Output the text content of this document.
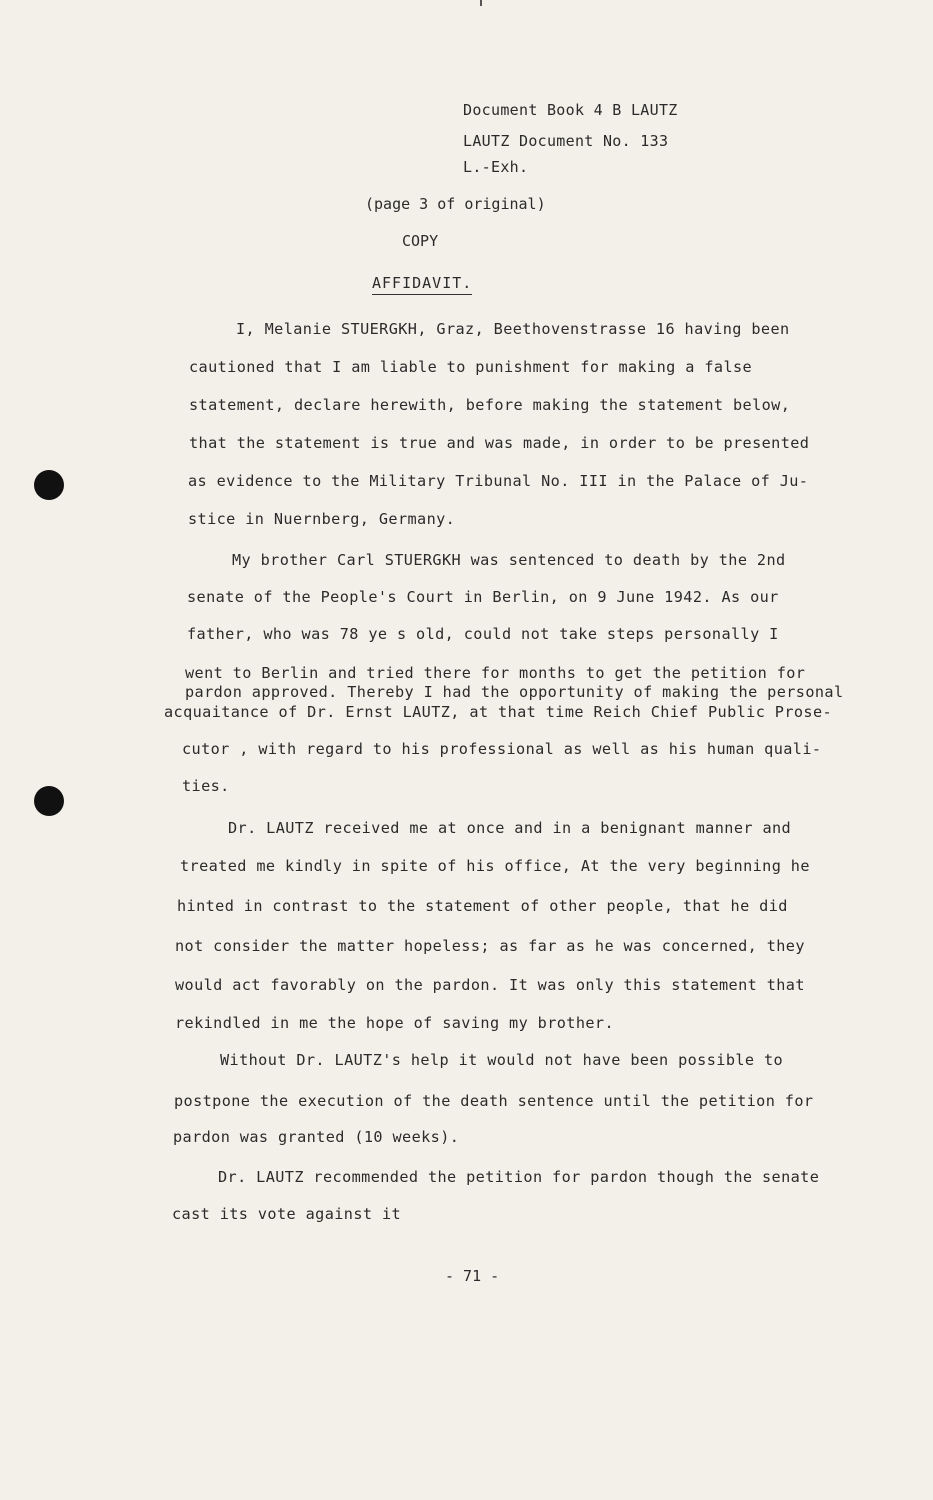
Document Book 4 B LAUTZ
LAUTZ Document No. 133
L.-Exh.
(page 3 of original)
COPY
AFFIDAVIT.
I, Melanie STUERGKH, Graz, Beethovenstrasse 16 having been
cautioned that I am liable to punishment for making a false
statement, declare herewith, before making the statement below,
that the statement is true and was made, in order to be presented
as evidence to the Military Tribunal No. III in the Palace of Ju-
stice in Nuernberg, Germany.
My brother Carl STUERGKH was sentenced to death by the 2nd
senate of the People's Court in Berlin, on 9 June 1942. As our
father, who was 78 ye s old, could not take steps personally I
went to Berlin and tried there for months to get the petition for
pardon approved. Thereby I had the opportunity of making the personal
acquaitance of Dr. Ernst LAUTZ, at that time Reich Chief Public Prose-
cutor , with regard to his professional as well as his human quali-
ties.
Dr. LAUTZ received me at once and in a benignant manner and
treated me kindly in spite of his office, At the very beginning he
hinted in contrast to the statement of other people, that he did
not consider the matter hopeless; as far as he was concerned, they
would act favorably on the pardon. It was only this statement that
rekindled in me the hope of saving my brother.
Without Dr. LAUTZ's help it would not have been possible to
postpone the execution of the death sentence until the petition for
pardon was granted (10 weeks).
Dr. LAUTZ recommended the petition for pardon though the senate
cast its vote against it
- 71 -
